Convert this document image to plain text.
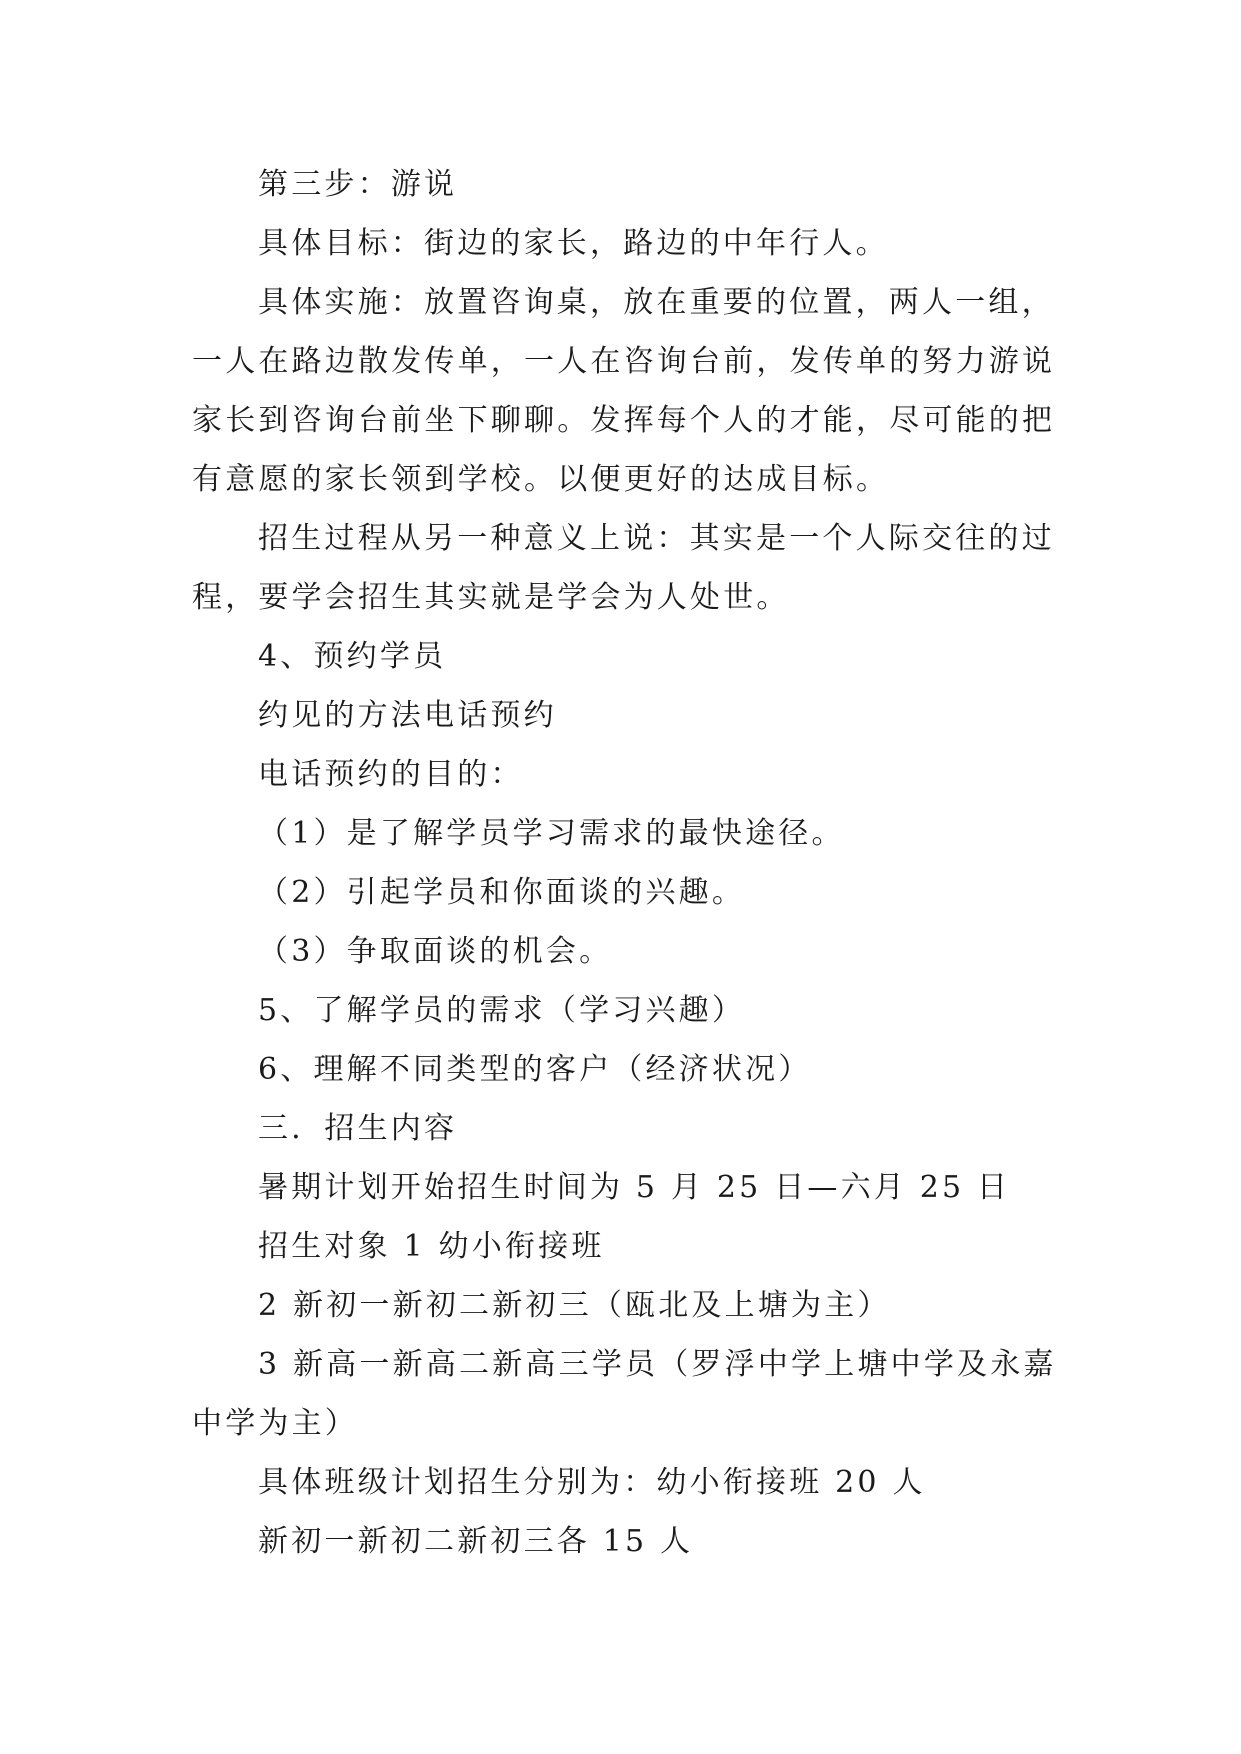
第三步：游说
具体目标：街边的家长，路边的中年行人。
具体实施：放置咨询桌，放在重要的位置，两人一组，
一人在路边散发传单，一人在咨询台前，发传单的努力游说
家长到咨询台前坐下聊聊。发挥每个人的才能，尽可能的把
有意愿的家长领到学校。以便更好的达成目标。
招生过程从另一种意义上说：其实是一个人际交往的过
程，要学会招生其实就是学会为人处世。
4、预约学员
约见的方法电话预约
电话预约的目的：
（1）是了解学员学习需求的最快途径。
（2）引起学员和你面谈的兴趣。
（3）争取面谈的机会。
5、了解学员的需求（学习兴趣）
6、理解不同类型的客户（经济状况）
三．招生内容
暑期计划开始招生时间为 5 月 25 日—六月 25 日
招生对象 1 幼小衔接班
2 新初一新初二新初三（瓯北及上塘为主）
3 新高一新高二新高三学员（罗浮中学上塘中学及永嘉
中学为主）
具体班级计划招生分别为：幼小衔接班 20 人
新初一新初二新初三各 15 人
